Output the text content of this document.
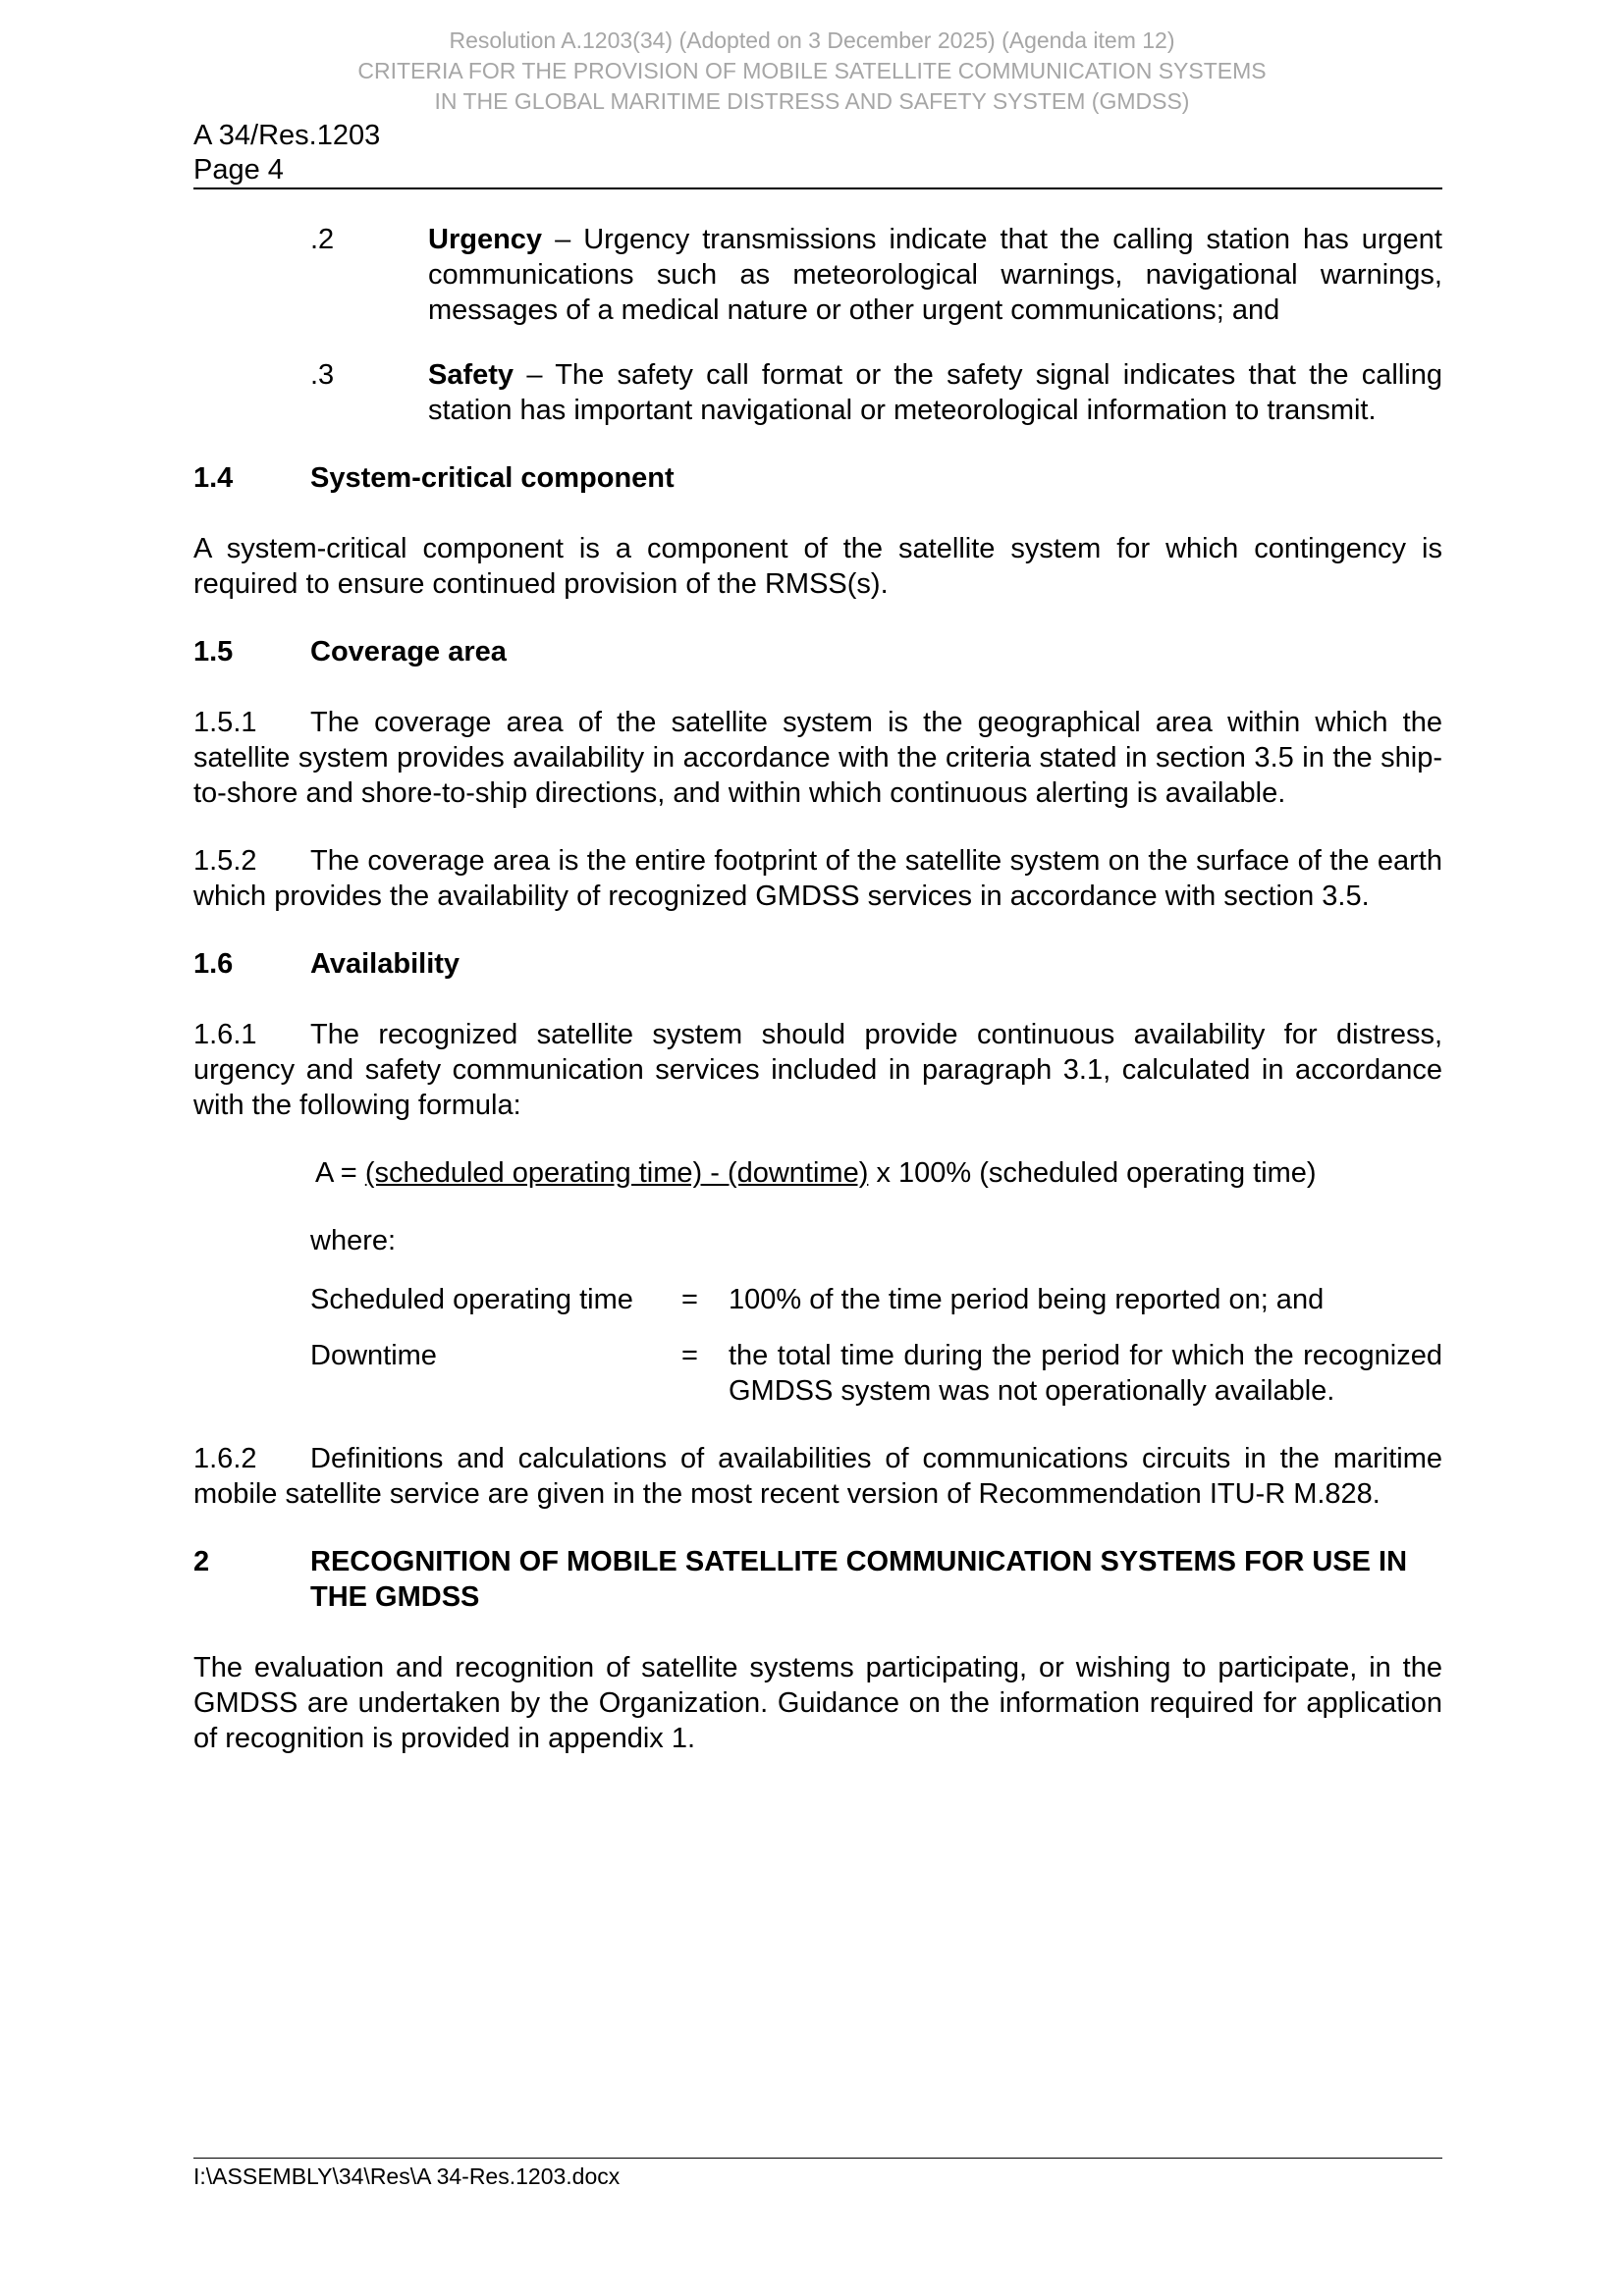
Resolution A.1203(34) (Adopted on 3 December 2025) (Agenda item 12)
CRITERIA FOR THE PROVISION OF MOBILE SATELLITE COMMUNICATION SYSTEMS
IN THE GLOBAL MARITIME DISTRESS AND SAFETY SYSTEM (GMDSS)
A 34/Res.1203
Page 4
.2	Urgency – Urgency transmissions indicate that the calling station has urgent communications such as meteorological warnings, navigational warnings, messages of a medical nature or other urgent communications; and
.3	Safety – The safety call format or the safety signal indicates that the calling station has important navigational or meteorological information to transmit.
1.4	System-critical component

A system-critical component is a component of the satellite system for which contingency is required to ensure continued provision of the RMSS(s).

1.5	Coverage area

1.5.1 The coverage area of the satellite system is the geographical area within which the satellite system provides availability in accordance with the criteria stated in section 3.5 in the ship-to-shore and shore-to-ship directions, and within which continuous alerting is available.

1.5.2 The coverage area is the entire footprint of the satellite system on the surface of the earth which provides the availability of recognized GMDSS services in accordance with section 3.5.

1.6	Availability

1.6.1 The recognized satellite system should provide continuous availability for distress, urgency and safety communication services included in paragraph 3.1, calculated in accordance with the following formula:

A = (scheduled operating time) - (downtime) x 100% (scheduled operating time)

where:

Scheduled operating time = 100% of the time period being reported on; and
Downtime	= the total time during the period for which the recognized GMDSS system was not operationally available.

1.6.2 Definitions and calculations of availabilities of communications circuits in the maritime mobile satellite service are given in the most recent version of Recommendation ITU-R M.828.

2	RECOGNITION OF MOBILE SATELLITE COMMUNICATION SYSTEMS FOR USE IN THE GMDSS

The evaluation and recognition of satellite systems participating, or wishing to participate, in the GMDSS are undertaken by the Organization. Guidance on the information required for application of recognition is provided in appendix 1.

I:\ASSEMBLY\34\Res\A 34-Res.1203.docx
